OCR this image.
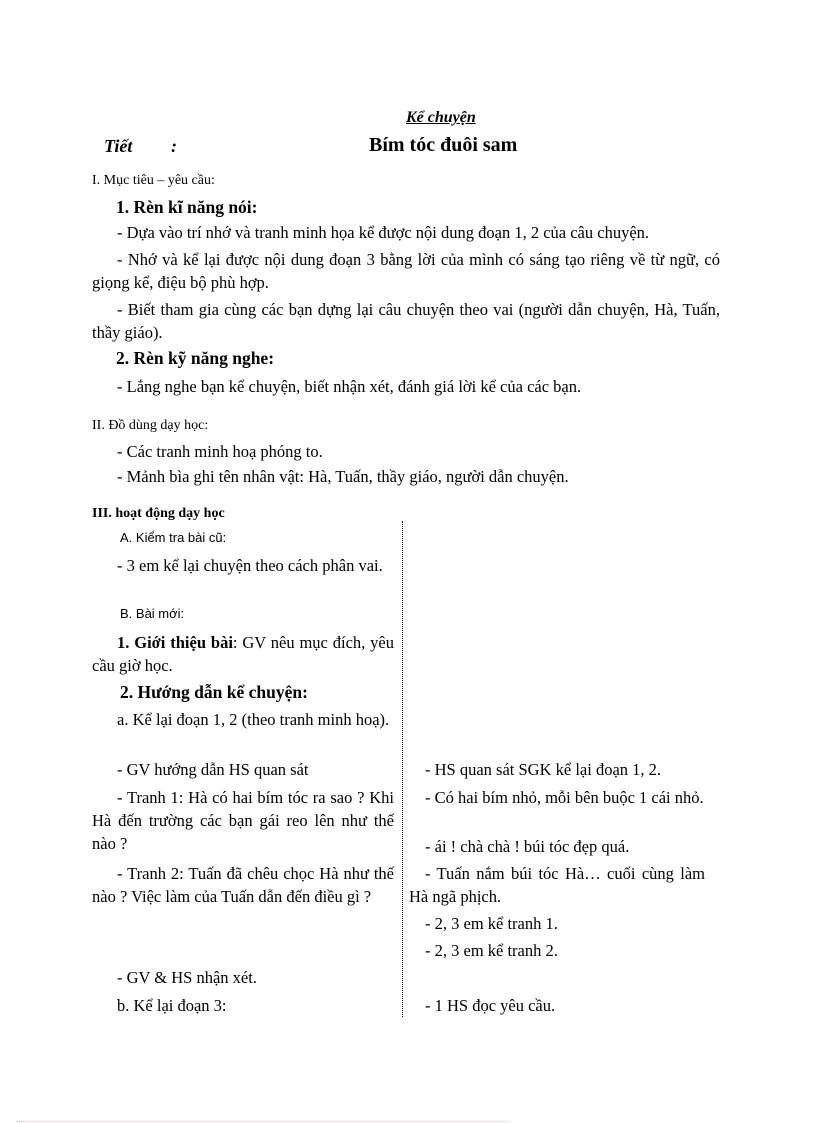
Kể chuyện
Tiết :	Bím tóc đuôi sam
I. Mục tiêu – yêu cầu:
1. Rèn kĩ năng nói:
- Dựa vào trí nhớ và tranh minh họa kể được nội dung đoạn 1, 2 của câu chuyện.
- Nhớ và kể lại được nội dung đoạn 3 bằng lời của mình có sáng tạo riêng về từ ngữ, có giọng kể, điệu bộ phù hợp.
- Biết tham gia cùng các bạn dựng lại câu chuyện theo vai (người dẫn chuyện, Hà, Tuấn, thầy giáo).
2. Rèn kỹ năng nghe:
- Lắng nghe bạn kể chuyện, biết nhận xét, đánh giá lời kể của các bạn.
II. Đồ dùng dạy học:
- Các tranh minh hoạ phóng to.
- Mảnh bìa ghi tên nhân vật: Hà, Tuấn, thầy giáo, người dẫn chuyện.
III. hoạt động dạy học
A. Kiểm tra bài cũ:
- 3 em kể lại chuyện theo cách phân vai.
B. Bài mới:
1. Giới thiệu bài: GV nêu mục đích, yêu cầu giờ học.
2. Hướng dẫn kể chuyện:
a. Kể lại đoạn 1, 2 (theo tranh minh hoạ).
- GV hướng dẫn HS quan sát
- Tranh 1: Hà có hai bím tóc ra sao ? Khi Hà đến trường các bạn gái reo lên như thế nào ?
- Tranh 2: Tuấn đã chêu chọc Hà như thế nào ? Việc làm của Tuấn dẫn đến điều gì ?
- GV & HS nhận xét.
b. Kể lại đoạn 3:
- HS quan sát SGK kể lại đoạn 1, 2.
- Có hai bím nhỏ, mỗi bên buộc 1 cái nhỏ.
- ái ! chà chà ! búi tóc đẹp quá.
- Tuấn nắm búi tóc Hà… cuối cùng làm Hà ngã phịch.
- 2, 3 em kể tranh 1.
- 2, 3 em kể tranh 2.
- 1 HS đọc yêu cầu.
